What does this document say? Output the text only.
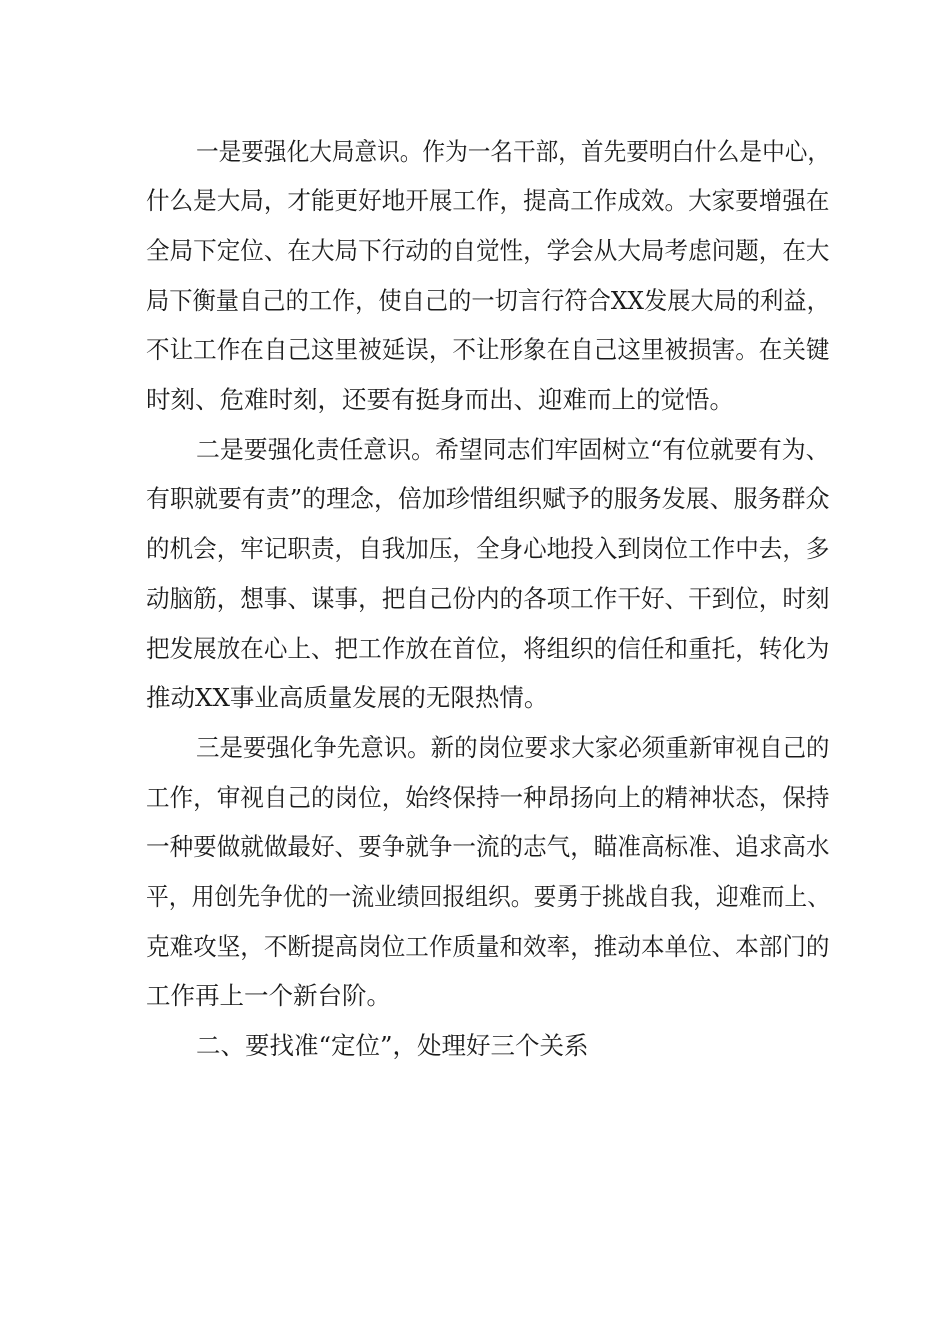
一是要强化大局意识。作为一名干部，首先要明白什么是中心，
什么是大局，才能更好地开展工作，提高工作成效。大家要增强在
全局下定位、在大局下行动的自觉性，学会从大局考虑问题，在大
局下衡量自己的工作，使自己的一切言行符合XX发展大局的利益，
不让工作在自己这里被延误，不让形象在自己这里被损害。在关键
时刻、危难时刻，还要有挺身而出、迎难而上的觉悟。
二是要强化责任意识。希望同志们牢固树立“有位就要有为、
有职就要有责”的理念，倍加珍惜组织赋予的服务发展、服务群众
的机会，牢记职责，自我加压，全身心地投入到岗位工作中去，多
动脑筋，想事、谋事，把自己份内的各项工作干好、干到位，时刻
把发展放在心上、把工作放在首位，将组织的信任和重托，转化为
推动XX事业高质量发展的无限热情。
三是要强化争先意识。新的岗位要求大家必须重新审视自己的
工作，审视自己的岗位，始终保持一种昂扬向上的精神状态，保持
一种要做就做最好、要争就争一流的志气，瞄准高标准、追求高水
平，用创先争优的一流业绩回报组织。要勇于挑战自我，迎难而上、
克难攻坚，不断提高岗位工作质量和效率，推动本单位、本部门的
工作再上一个新台阶。
二、要找准“定位”，处理好三个关系
